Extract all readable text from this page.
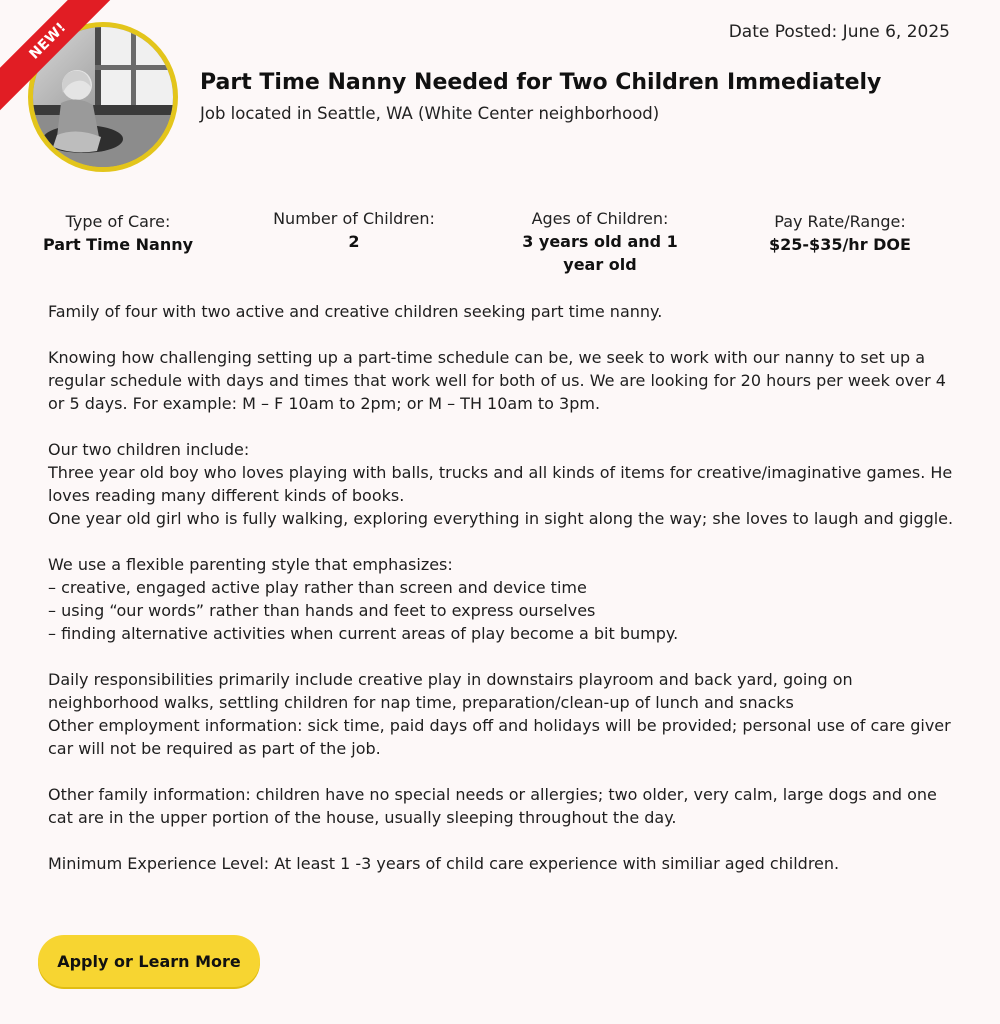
NEW!	Date Posted: June 6, 2025
Part Time Nanny Needed for Two Children Immediately
Job located in Seattle, WA (White Center neighborhood)
Type of Care:
Part Time Nanny
Number of Children:
2
Ages of Children:
3 years old and 1 year old
Pay Rate/Range:
$25-$35/hr DOE

Family of four with two active and creative children seeking part time nanny.

Knowing how challenging setting up a part-time schedule can be, we seek to work with our nanny to set up a regular schedule with days and times that work well for both of us. We are looking for 20 hours per week over 4 or 5 days. For example: M – F 10am to 2pm; or M – TH 10am to 3pm.

Our two children include:
Three year old boy who loves playing with balls, trucks and all kinds of items for creative/imaginative games. He loves reading many different kinds of books.
One year old girl who is fully walking, exploring everything in sight along the way; she loves to laugh and giggle.

We use a flexible parenting style that emphasizes:
– creative, engaged active play rather than screen and device time
– using “our words” rather than hands and feet to express ourselves
– finding alternative activities when current areas of play become a bit bumpy.

Daily responsibilities primarily include creative play in downstairs playroom and back yard, going on neighborhood walks, settling children for nap time, preparation/clean-up of lunch and snacks
Other employment information: sick time, paid days off and holidays will be provided; personal use of care giver car will not be required as part of the job.

Other family information: children have no special needs or allergies; two older, very calm, large dogs and one cat are in the upper portion of the house, usually sleeping throughout the day.

Minimum Experience Level: At least 1 -3 years of child care experience with similiar aged children.

Apply or Learn More
